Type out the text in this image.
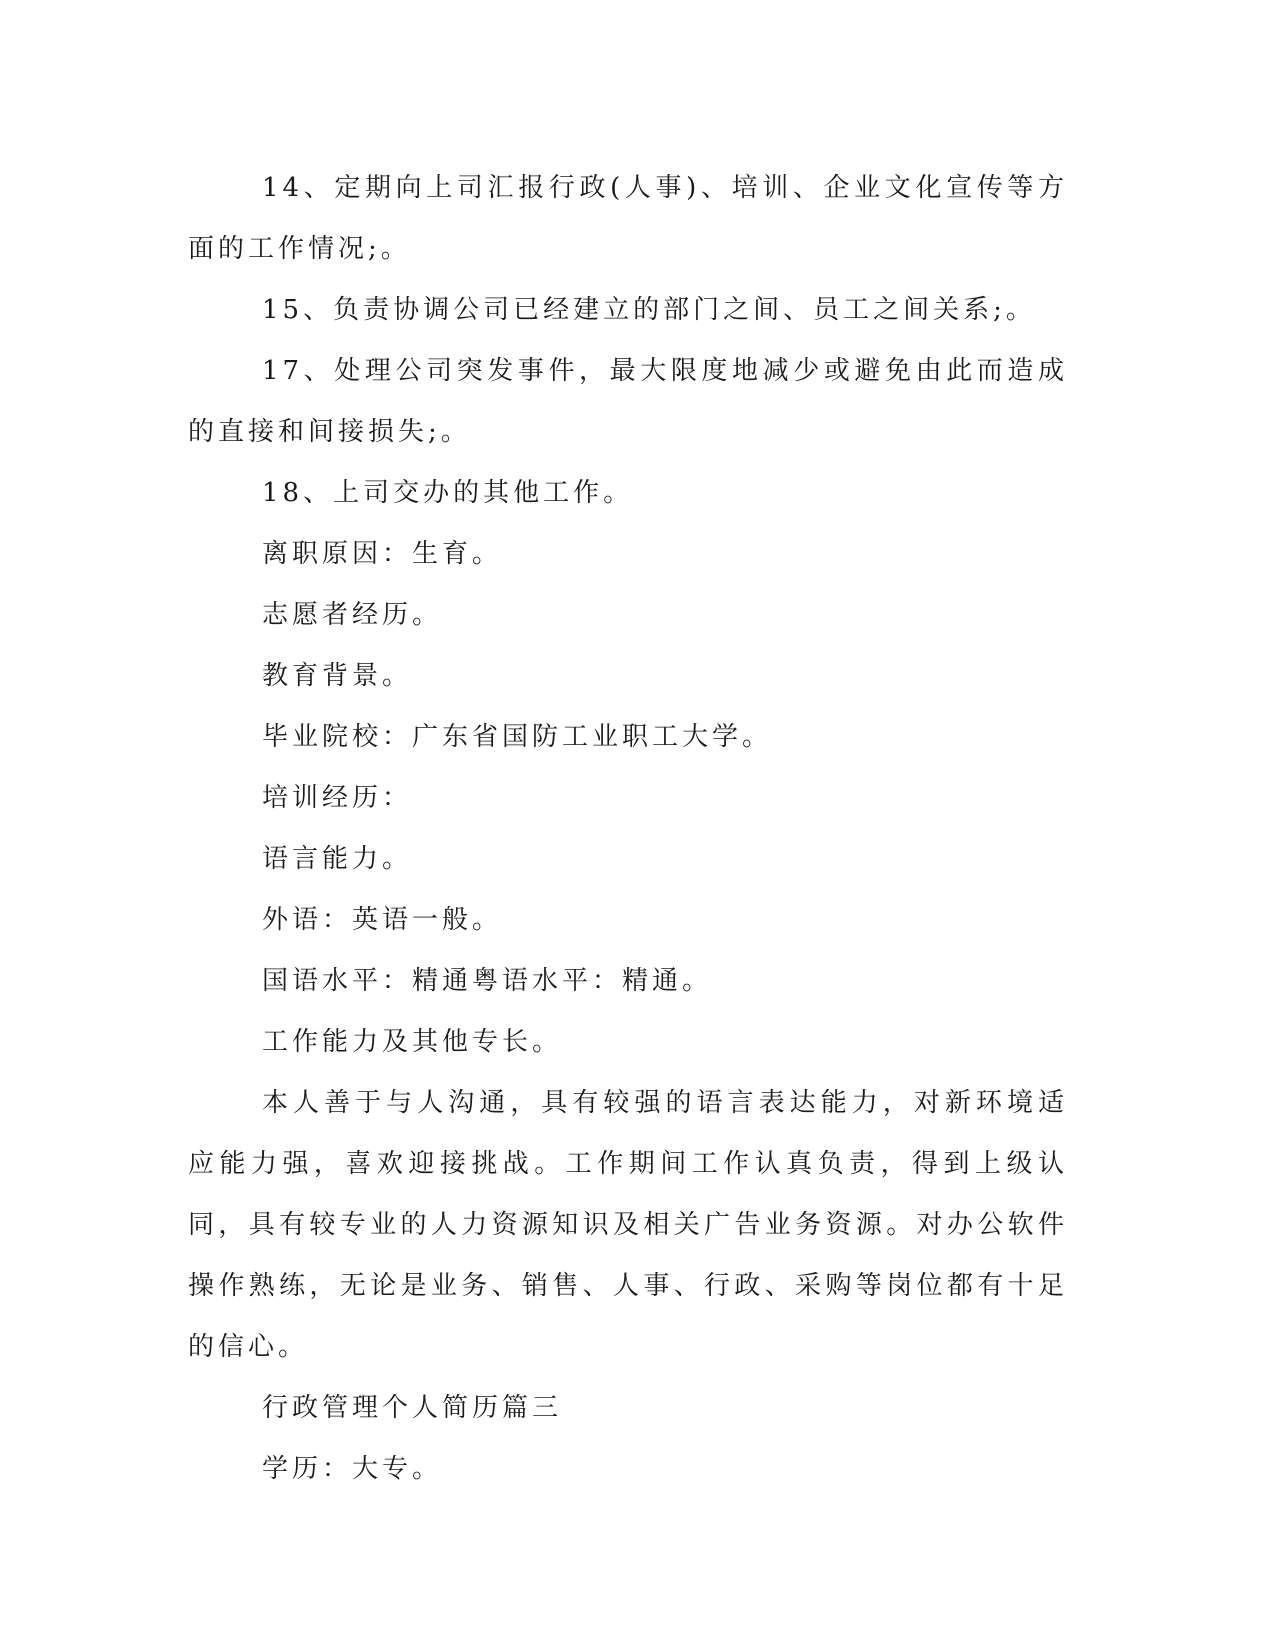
14、定期向上司汇报行政(人事)、培训、企业文化宣传等方面的工作情况;。

15、负责协调公司已经建立的部门之间、员工之间关系;。

17、处理公司突发事件，最大限度地减少或避免由此而造成的直接和间接损失;。

18、上司交办的其他工作。

离职原因：生育。

志愿者经历。

教育背景。

毕业院校：广东省国防工业职工大学。

培训经历：

语言能力。

外语：英语一般。

国语水平：精通粤语水平：精通。

工作能力及其他专长。

本人善于与人沟通，具有较强的语言表达能力，对新环境适应能力强，喜欢迎接挑战。工作期间工作认真负责，得到上级认同，具有较专业的人力资源知识及相关广告业务资源。对办公软件操作熟练，无论是业务、销售、人事、行政、采购等岗位都有十足的信心。

行政管理个人简历篇三

学历：大专。
